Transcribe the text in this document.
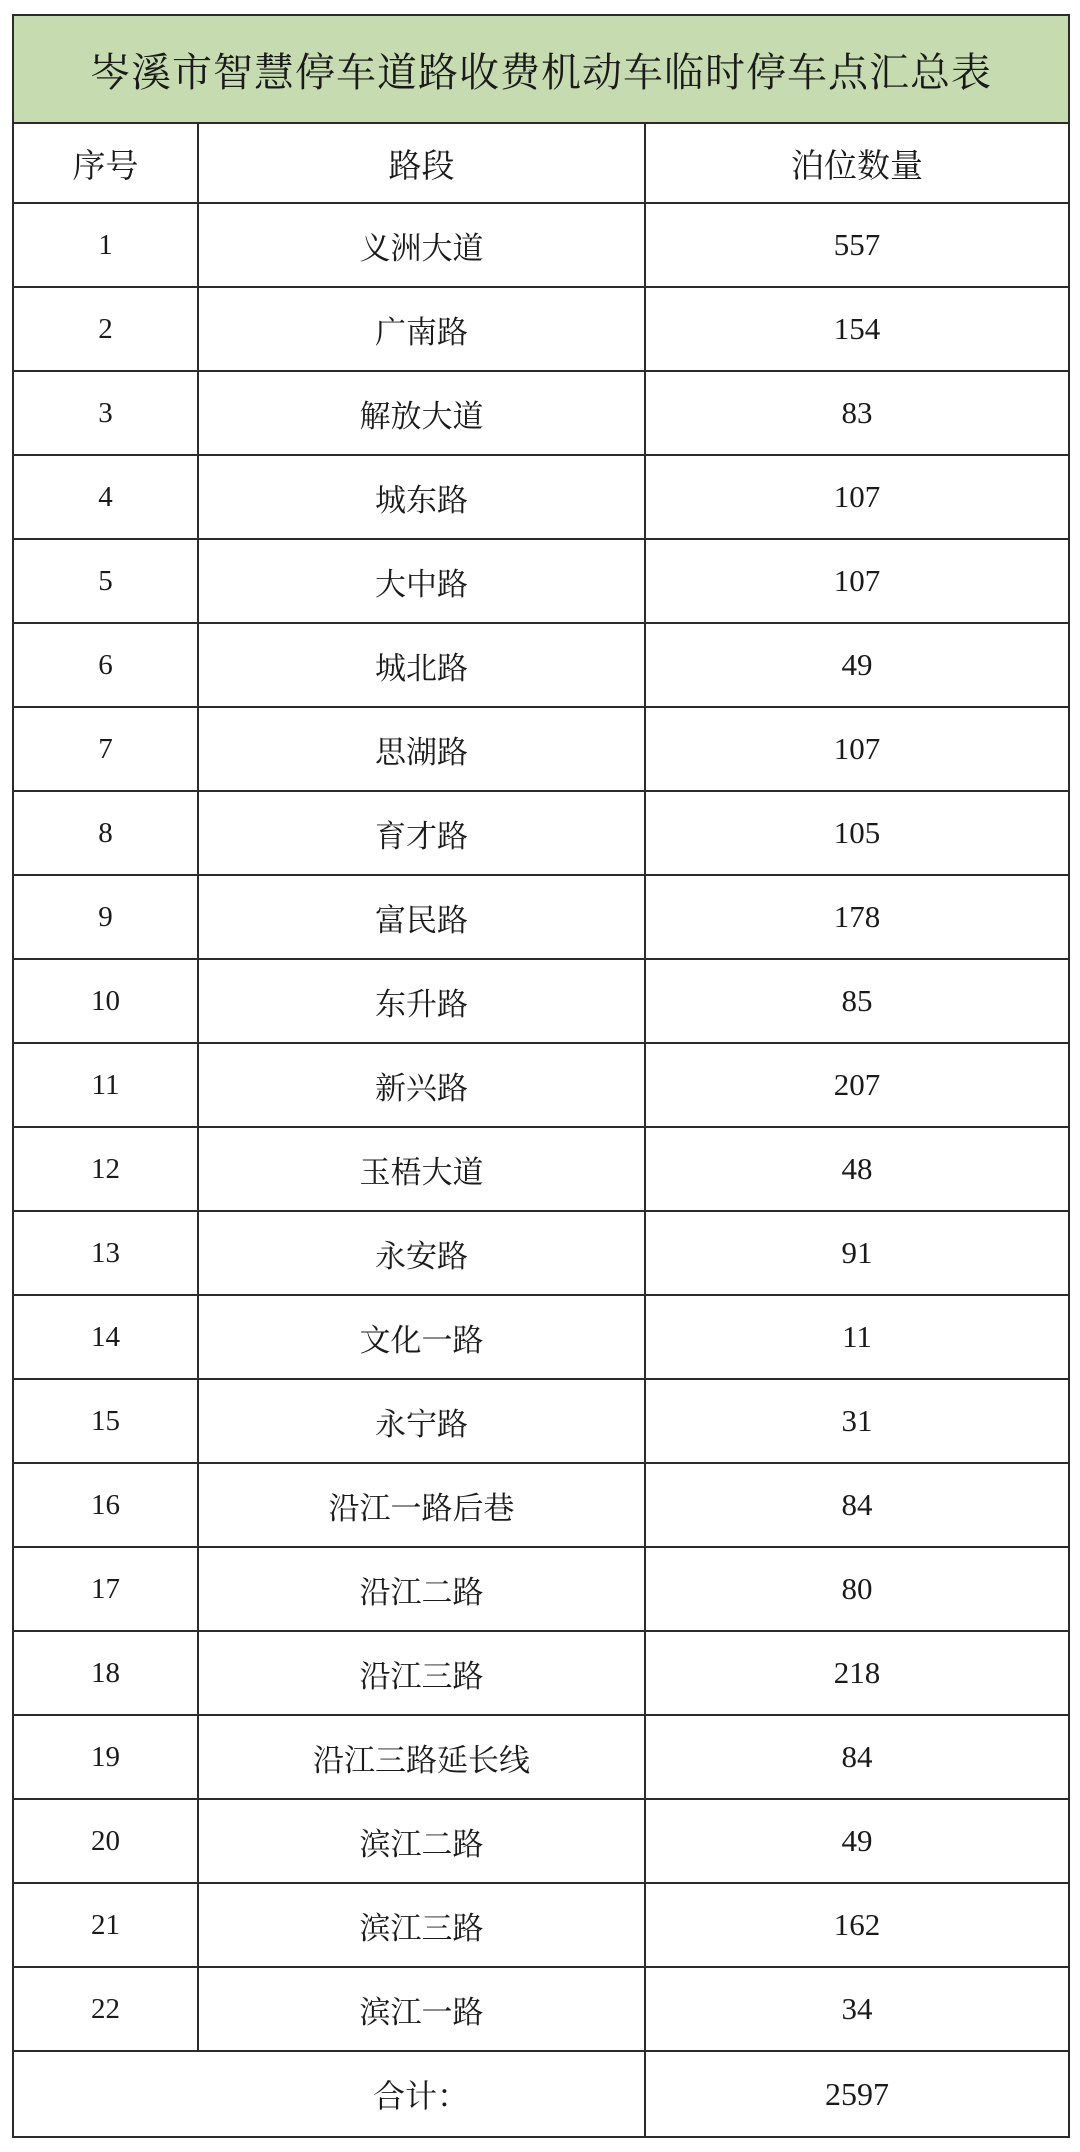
岑溪市智慧停车道路收费机动车临时停车点汇总表		
序号	路段	泊位数量
1	义洲大道	557
2	广南路	154
3	解放大道	83
4	城东路	107
5	大中路	107
6	城北路	49
7	思湖路	107
8	育才路	105
9	富民路	178
10	东升路	85
11	新兴路	207
12	玉梧大道	48
13	永安路	91
14	文化一路	11
15	永宁路	31
16	沿江一路后巷	84
17	沿江二路	80
18	沿江三路	218
19	沿江三路延长线	84
20	滨江二路	49
21	滨江三路	162
22	滨江一路	34
	合计：	2597
